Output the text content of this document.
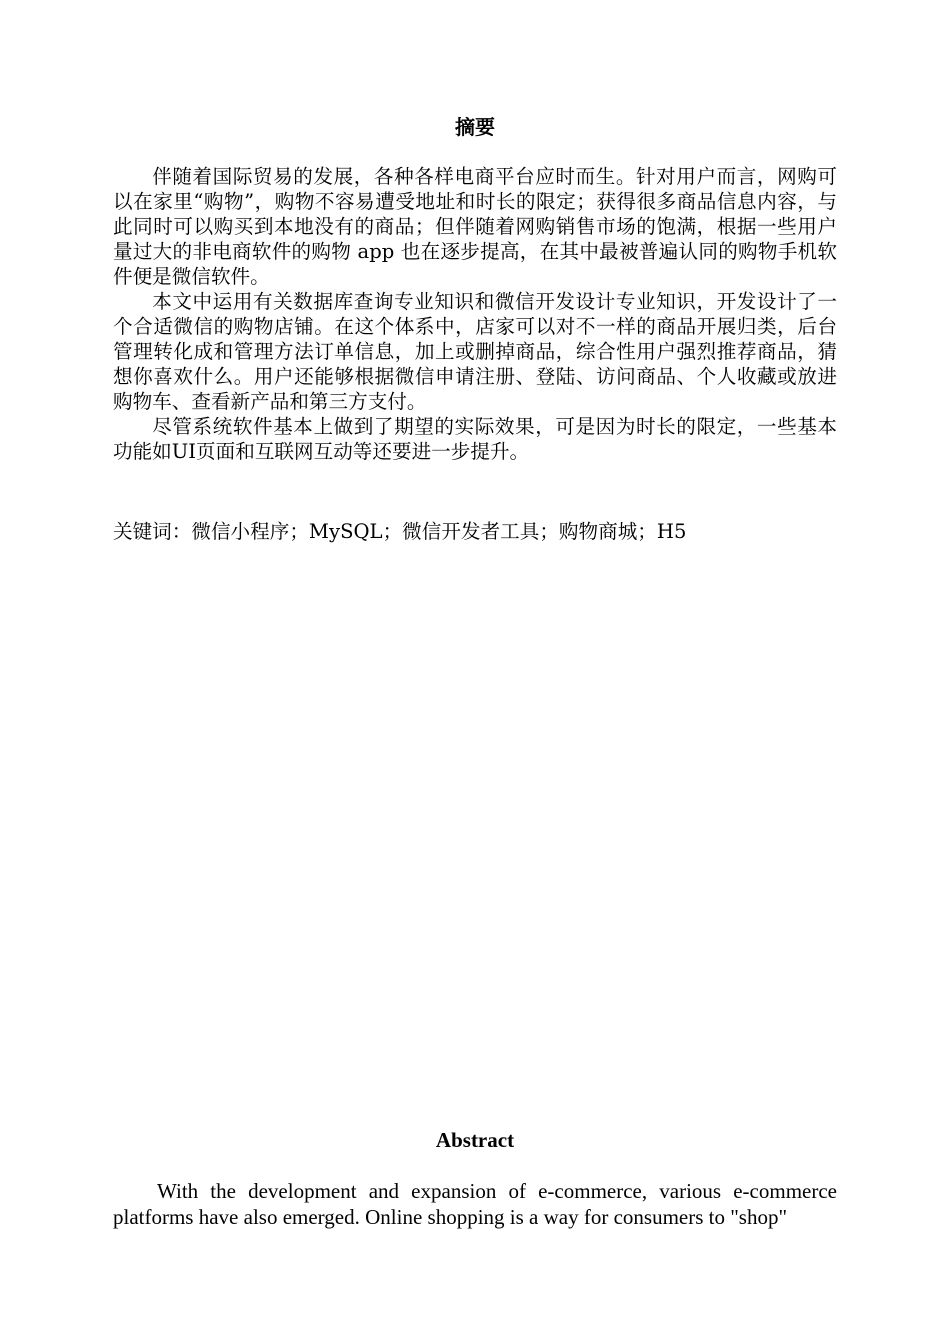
摘要

伴随着国际贸易的发展，各种各样电商平台应时而生。针对用户而言，网购可以在家里“购物”，购物不容易遭受地址和时长的限定；获得很多商品信息内容，与此同时可以购买到本地没有的商品；但伴随着网购销售市场的饱满，根据一些用户量过大的非电商软件的购物 app 也在逐步提高，在其中最被普遍认同的购物手机软件便是微信软件。

本文中运用有关数据库查询专业知识和微信开发设计专业知识，开发设计了一个合适微信的购物店铺。在这个体系中，店家可以对不一样的商品开展归类，后台管理转化成和管理方法订单信息，加上或删掉商品，综合性用户强烈推荐商品，猜想你喜欢什么。用户还能够根据微信申请注册、登陆、访问商品、个人收藏或放进购物车、查看新产品和第三方支付。

尽管系统软件基本上做到了期望的实际效果，可是因为时长的限定，一些基本功能如UI页面和互联网互动等还要进一步提升。

关键词：微信小程序；MySQL；微信开发者工具；购物商城；H5
Abstract

With the development and expansion of e-commerce, various e-commerce platforms have also emerged. Online shopping is a way for consumers to "shop"
